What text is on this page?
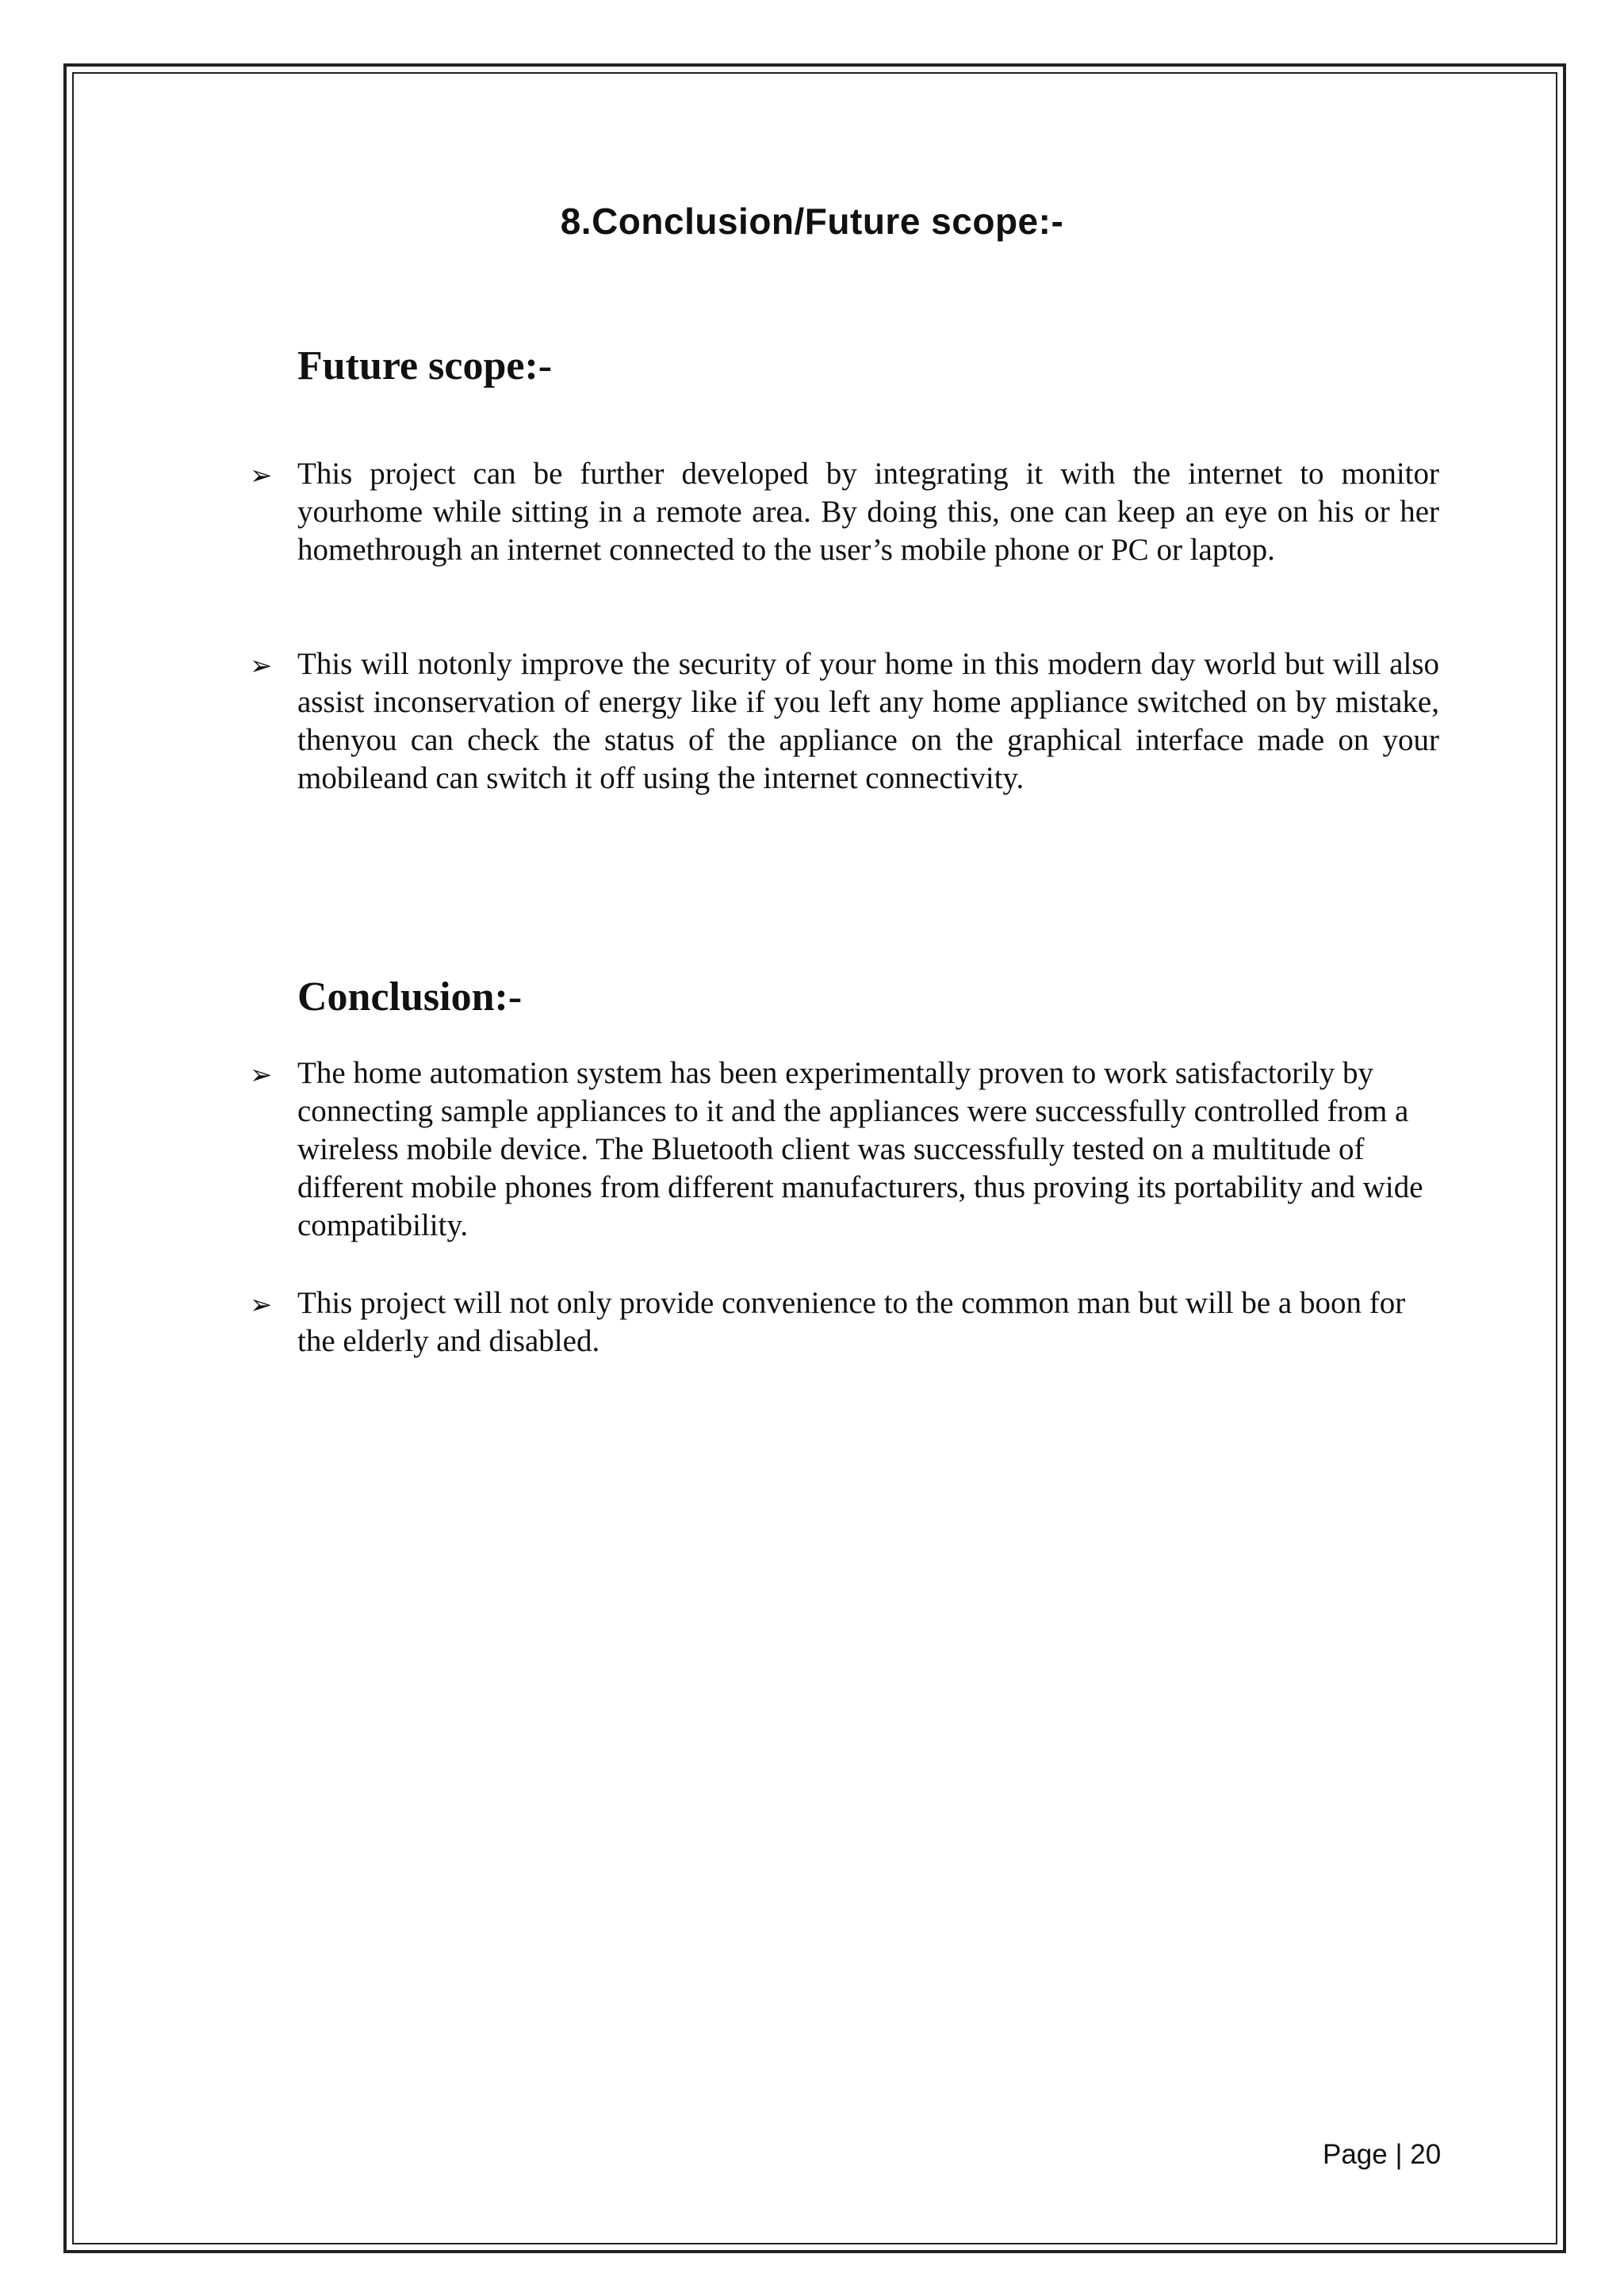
8.Conclusion/Future scope:-
Future scope:-
➢ This project can be further developed by integrating it with the internet to monitor yourhome while sitting in a remote area. By doing this, one can keep an eye on his or her homethrough an internet connected to the user’s mobile phone or PC or laptop.
➢ This will notonly improve the security of your home in this modern day world but will also assist inconservation of energy like if you left any home appliance switched on by mistake, thenyou can check the status of the appliance on the graphical interface made on your mobileand can switch it off using the internet connectivity.
Conclusion:-
➢ The home automation system has been experimentally proven to work satisfactorily by connecting sample appliances to it and the appliances were successfully controlled from a wireless mobile device. The Bluetooth client was successfully tested on a multitude of different mobile phones from different manufacturers, thus proving its portability and wide compatibility.
➢ This project will not only provide convenience to the common man but will be a boon for the elderly and disabled.
Page | 20
